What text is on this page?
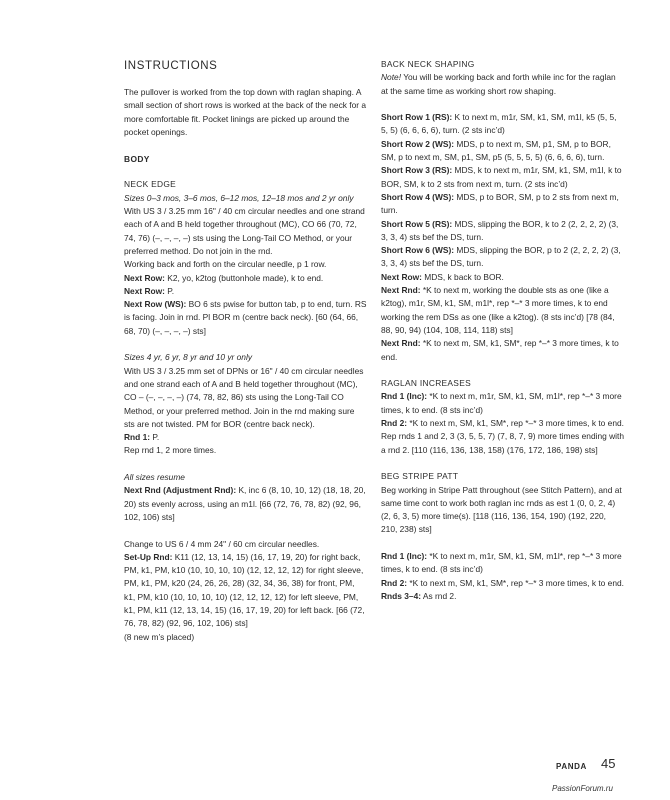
INSTRUCTIONS

The pullover is worked from the top down with raglan shaping. A small section of short rows is worked at the back of the neck for a more comfortable fit. Pocket linings are picked up around the pocket openings.

BODY
NECK EDGE

Sizes 0–3 mos, 3–6 mos, 6–12 mos, 12–18 mos and 2 yr only

With US 3 / 3.25 mm 16" / 40 cm circular needles and one strand each of A and B held together throughout (MC), CO 66 (70, 72, 74, 76) (–, –, –, –) sts using the Long-Tail CO Method, or your preferred method. Do not join in the rnd.

Working back and forth on the circular needle, p 1 row.

Next Row: K2, yo, k2tog (buttonhole made), k to end.

Next Row: P.

Next Row (WS): BO 6 sts pwise for button tab, p to end, turn. RS is facing. Join in rnd. Pl BOR m (centre back neck). [60 (64, 66, 68, 70) (–, –, –, –) sts]

Sizes 4 yr, 6 yr, 8 yr and 10 yr only

With US 3 / 3.25 mm set of DPNs or 16" / 40 cm circular needles and one strand each of A and B held together throughout (MC), CO – (–, –, –, –) (74, 78, 82, 86) sts using the Long-Tail CO Method, or your preferred method. Join in the rnd making sure sts are not twisted. PM for BOR (centre back neck).

Rnd 1: P.

Rep rnd 1, 2 more times.

All sizes resume

Next Rnd (Adjustment Rnd): K, inc 6 (8, 10, 10, 12) (18, 18, 20, 20) sts evenly across, using an m1l. [66 (72, 76, 78, 82) (92, 96, 102, 106) sts]

Change to US 6 / 4 mm 24" / 60 cm circular needles.

Set-Up Rnd: K11 (12, 13, 14, 15) (16, 17, 19, 20) for right back, PM, k1, PM, k10 (10, 10, 10, 10) (12, 12, 12, 12) for right sleeve, PM, k1, PM, k20 (24, 26, 26, 28) (32, 34, 36, 38) for front, PM, k1, PM, k10 (10, 10, 10, 10) (12, 12, 12, 12) for left sleeve, PM, k1, PM, k11 (12, 13, 14, 15) (16, 17, 19, 20) for left back. [66 (72, 76, 78, 82) (92, 96, 102, 106) sts]

(8 new m’s placed)

BACK NECK SHAPING

Note! You will be working back and forth while inc for the raglan at the same time as working short row shaping.

Short Row 1 (RS): K to next m, m1r, SM, k1, SM, m1l, k5 (5, 5, 5, 5) (6, 6, 6, 6), turn. (2 sts inc’d)

Short Row 2 (WS): MDS, p to next m, SM, p1, SM, p to BOR, SM, p to next m, SM, p1, SM, p5 (5, 5, 5, 5) (6, 6, 6, 6), turn.

Short Row 3 (RS): MDS, k to next m, m1r, SM, k1, SM, m1l, k to BOR, SM, k to 2 sts from next m, turn. (2 sts inc’d)

Short Row 4 (WS): MDS, p to BOR, SM, p to 2 sts from next m, turn.

Short Row 5 (RS): MDS, slipping the BOR, k to 2 (2, 2, 2, 2) (3, 3, 3, 4) sts bef the DS, turn.

Short Row 6 (WS): MDS, slipping the BOR, p to 2 (2, 2, 2, 2) (3, 3, 3, 4) sts bef the DS, turn.

Next Row: MDS, k back to BOR.

Next Rnd: *K to next m, working the double sts as one (like a k2tog), m1r, SM, k1, SM, m1l*, rep *–* 3 more times, k to end working the rem DSs as one (like a k2tog). (8 sts inc’d) [78 (84, 88, 90, 94) (104, 108, 114, 118) sts]

Next Rnd: *K to next m, SM, k1, SM*, rep *–* 3 more times, k to end.

RAGLAN INCREASES

Rnd 1 (Inc): *K to next m, m1r, SM, k1, SM, m1l*, rep *–* 3 more times, k to end. (8 sts inc’d)

Rnd 2: *K to next m, SM, k1, SM*, rep *–* 3 more times, k to end.

Rep rnds 1 and 2, 3 (3, 5, 5, 7) (7, 8, 7, 9) more times ending with a rnd 2. [110 (116, 136, 138, 158) (176, 172, 186, 198) sts]

BEG STRIPE PATT

Beg working in Stripe Patt throughout (see Stitch Pattern), and at same time cont to work both raglan inc rnds as est 1 (0, 0, 2, 4) (2, 6, 3, 5) more time(s). [118 (116, 136, 154, 190) (192, 220, 210, 238) sts]

Rnd 1 (Inc): *K to next m, m1r, SM, k1, SM, m1l*, rep *–* 3 more times, k to end. (8 sts inc’d)

Rnd 2: *K to next m, SM, k1, SM*, rep *–* 3 more times, k to end.

Rnds 3–4: As rnd 2.

PANDA 45
PassionForum.ru
